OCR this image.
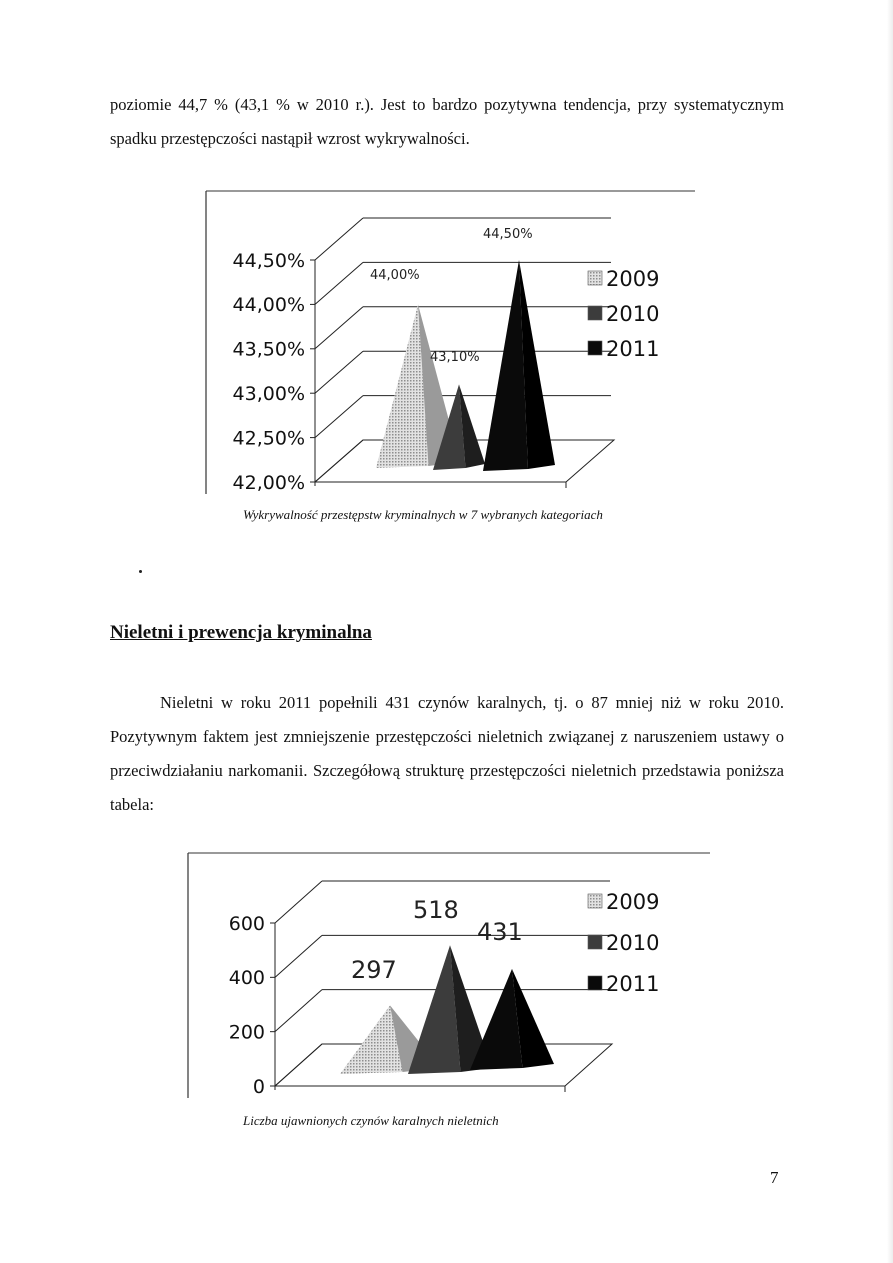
poziomie 44,7 % (43,1 % w 2010 r.). Jest to bardzo pozytywna tendencja, przy systematycznym spadku przestępczości nastąpił wzrost wykrywalności.

42,00%
42,50%
43,00%
43,50%
44,00%
44,50%
44,00%
43,10%
44,50%
2009
2010
2011
Wykrywalność przestępstw kryminalnych w 7 wybranych kategoriach
Nieletni i prewencja kryminalna

Nieletni w roku 2011 popełnili 431 czynów karalnych, tj. o 87 mniej niż w roku 2010. Pozytywnym faktem jest zmniejszenie przestępczości nieletnich związanej z naruszeniem ustawy o przeciwdziałaniu narkomanii. Szczegółową strukturę przestępczości nieletnich przedstawia poniższa tabela:

0
200
400
600
297
518
431
2009
2010
2011
Liczba ujawnionych czynów karalnych nieletnich
7
